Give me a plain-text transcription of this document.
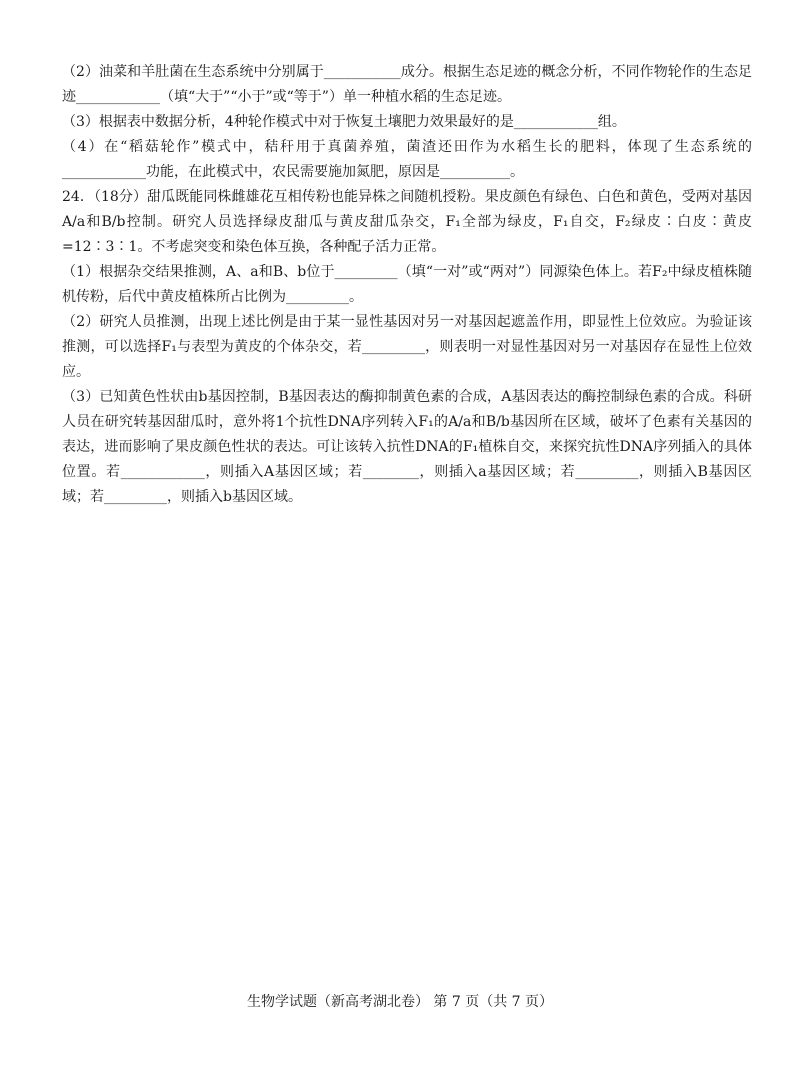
（2）油菜和羊肚菌在生态系统中分别属于___________成分。根据生态足迹的概念分析，不同作物轮作的生态足迹____________（填“大于”“小于”或“等于”）单一种植水稻的生态足迹。

（3）根据表中数据分析，4种轮作模式中对于恢复土壤肥力效果最好的是____________组。

（4）在“稻菇轮作”模式中，秸秆用于真菌养殖，菌渣还田作为水稻生长的肥料，体现了生态系统的____________功能，在此模式中，农民需要施加氮肥，原因是__________。

24．（18分）甜瓜既能同株雌雄花互相传粉也能异株之间随机授粉。果皮颜色有绿色、白色和黄色，受两对基因A/a和B/b控制。研究人员选择绿皮甜瓜与黄皮甜瓜杂交，F₁全部为绿皮，F₁自交，F₂绿皮∶白皮∶黄皮=12∶3∶1。不考虑突变和染色体互换，各种配子活力正常。

（1）根据杂交结果推测，A、a和B、b位于_________（填“一对”或“两对”）同源染色体上。若F₂中绿皮植株随机传粉，后代中黄皮植株所占比例为_________。

（2）研究人员推测，出现上述比例是由于某一显性基因对另一对基因起遮盖作用，即显性上位效应。为验证该推测，可以选择F₁与表型为黄皮的个体杂交，若_________，则表明一对显性基因对另一对基因存在显性上位效应。

（3）已知黄色性状由b基因控制，B基因表达的酶抑制黄色素的合成，A基因表达的酶控制绿色素的合成。科研人员在研究转基因甜瓜时，意外将1个抗性DNA序列转入F₁的A/a和B/b基因所在区域，破坏了色素有关基因的表达，进而影响了果皮颜色性状的表达。可让该转入抗性DNA的F₁植株自交，来探究抗性DNA序列插入的具体位置。若____________，则插入A基因区域；若________，则插入a基因区域；若_________，则插入B基因区域；若_________，则插入b基因区域。

生物学试题（新高考湖北卷） 第 7 页（共 7 页）
